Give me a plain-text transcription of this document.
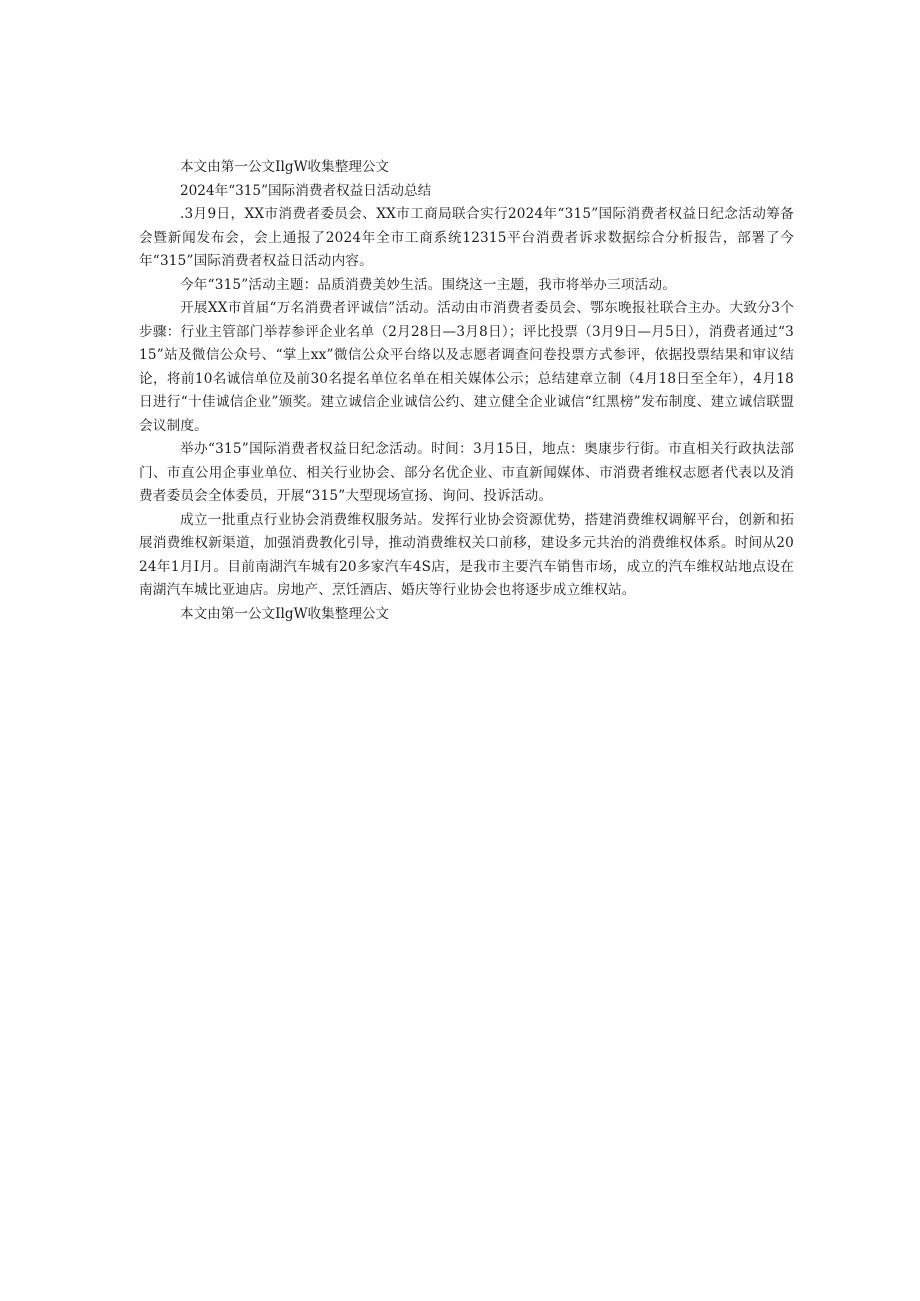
本文由第一公文IlgW收集整理公文

2024年“315”国际消费者权益日活动总结

.3月9日，XX市消费者委员会、XX市工商局联合实行2024年“315”国际消费者权益日纪念活动筹备会暨新闻发布会，会上通报了2024年全市工商系统12315平台消费者诉求数据综合分析报告，部署了今年“315”国际消费者权益日活动内容。

今年“315”活动主题：品质消费美妙生活。围绕这一主题，我市将举办三项活动。

开展XX市首届“万名消费者评诚信”活动。活动由市消费者委员会、鄂东晚报社联合主办。大致分3个步骤：行业主管部门举荐参评企业名单（2月28日—3月8日）；评比投票（3月9日—月5日），消费者通过“315”站及微信公众号、“掌上xx”微信公众平台络以及志愿者调查问卷投票方式参评，依据投票结果和审议结论，将前10名诚信单位及前30名提名单位名单在相关媒体公示；总结建章立制（4月18日至全年），4月18日进行“十佳诚信企业”颁奖。建立诚信企业诚信公约、建立健全企业诚信“红黑榜”发布制度、建立诚信联盟会议制度。

举办“315”国际消费者权益日纪念活动。时间：3月15日，地点：奥康步行街。市直相关行政执法部门、市直公用企事业单位、相关行业协会、部分名优企业、市直新闻媒体、市消费者维权志愿者代表以及消费者委员会全体委员，开展“315”大型现场宣扬、询问、投诉活动。

成立一批重点行业协会消费维权服务站。发挥行业协会资源优势，搭建消费维权调解平台，创新和拓展消费维权新渠道，加强消费教化引导，推动消费维权关口前移，建设多元共治的消费维权体系。时间从2024年1月Ⅰ月。目前南湖汽车城有20多家汽车4S店，是我市主要汽车销售市场，成立的汽车维权站地点设在南湖汽车城比亚迪店。房地产、烹饪酒店、婚庆等行业协会也将逐步成立维权站。

本文由第一公文IlgW收集整理公文
